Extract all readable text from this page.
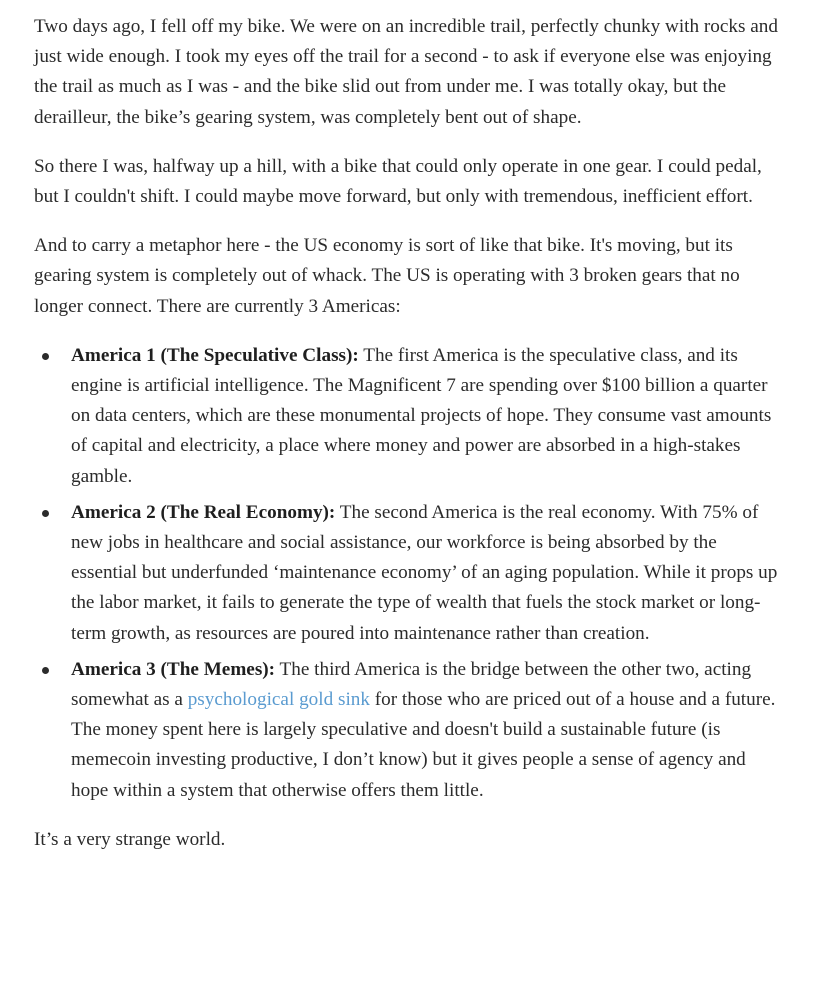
Two days ago, I fell off my bike. We were on an incredible trail, perfectly chunky with rocks and just wide enough. I took my eyes off the trail for a second - to ask if everyone else was enjoying the trail as much as I was - and the bike slid out from under me. I was totally okay, but the derailleur, the bike’s gearing system, was completely bent out of shape.

So there I was, halfway up a hill, with a bike that could only operate in one gear. I could pedal, but I couldn't shift. I could maybe move forward, but only with tremendous, inefficient effort.

And to carry a metaphor here - the US economy is sort of like that bike. It's moving, but its gearing system is completely out of whack. The US is operating with 3 broken gears that no longer connect. There are currently 3 Americas:

America 1 (The Speculative Class): The first America is the speculative class, and its engine is artificial intelligence. The Magnificent 7 are spending over $100 billion a quarter on data centers, which are these monumental projects of hope. They consume vast amounts of capital and electricity, a place where money and power are absorbed in a high-stakes gamble.
America 2 (The Real Economy): The second America is the real economy. With 75% of new jobs in healthcare and social assistance, our workforce is being absorbed by the essential but underfunded ‘maintenance economy’ of an aging population. While it props up the labor market, it fails to generate the type of wealth that fuels the stock market or long-term growth, as resources are poured into maintenance rather than creation.
America 3 (The Memes): The third America is the bridge between the other two, acting somewhat as a psychological gold sink for those who are priced out of a house and a future. The money spent here is largely speculative and doesn't build a sustainable future (is memecoin investing productive, I don’t know) but it gives people a sense of agency and hope within a system that otherwise offers them little.

It’s a very strange world.
